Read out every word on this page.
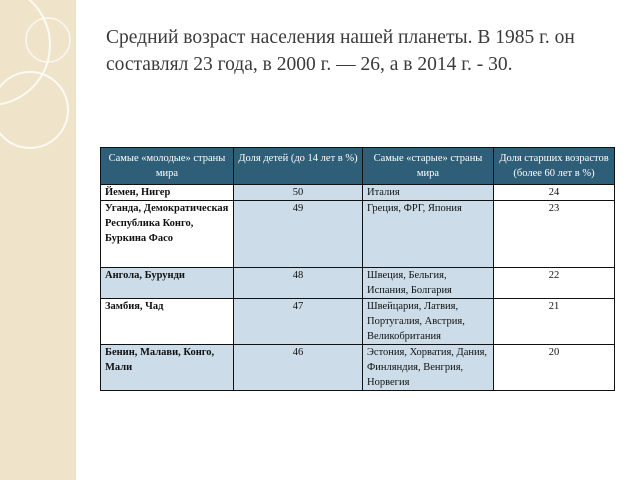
Средний возраст населения нашей планеты. В 1985 г. он составлял 23 года, в 2000 г. — 26, а в 2014 г. - 30.
Самые «молодые» страны мира	Доля детей (до 14 лет в %)	Самые «старые» страны мира	Доля старших возрастов (более 60 лет в %)
Йемен, Нигер	50	Италия	24
Уганда, Демократическая Республика Конго, Буркина Фасо	49	Греция, ФРГ, Япония	23
Ангола, Бурунди	48	Швеция, Бельгия, Испания, Болгария	22
Замбия, Чад	47	Швейцария, Латвия, Португалия, Австрия, Великобритания	21
Бенин, Малави, Конго, Мали	46	Эстония, Хорватия, Дания, Финляндия, Венгрия, Норвегия	20
